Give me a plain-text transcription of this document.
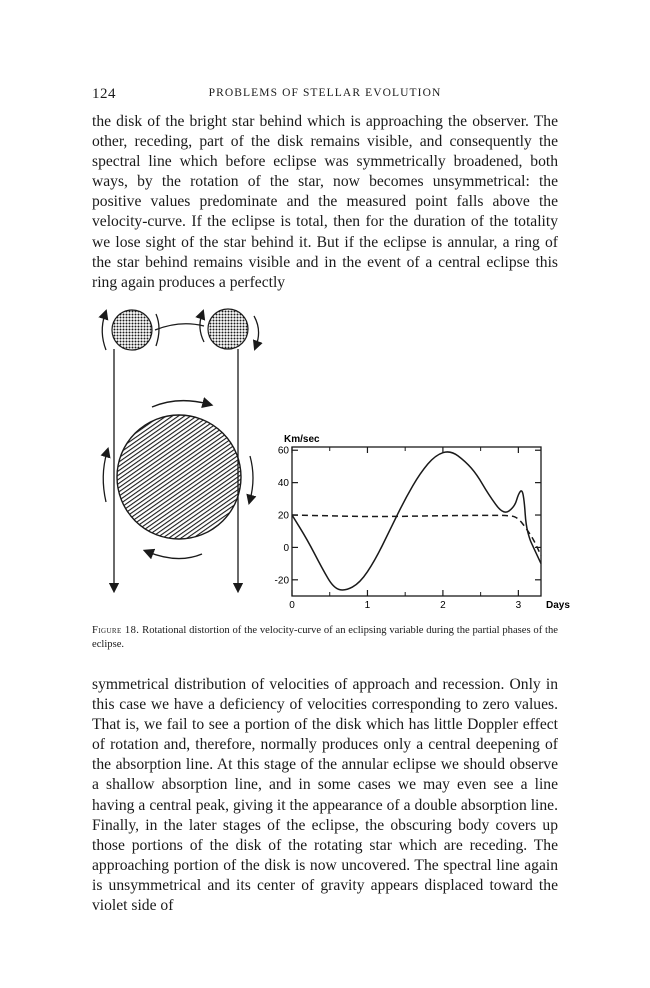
124	PROBLEMS OF STELLAR EVOLUTION

the disk of the bright star behind which is approaching the observer. The other, receding, part of the disk remains visible, and consequently the spectral line which before eclipse was symmetrically broadened, both ways, by the rotation of the star, now becomes unsymmetrical: the positive values predominate and the measured point falls above the velocity-curve. If the eclipse is total, then for the duration of the totality we lose sight of the star behind it. But if the eclipse is annular, a ring of the star behind remains visible and in the event of a central eclipse this ring again produces a perfectly

Km/sec
Days
60
40
20
0
-20
0	1	2	3
Figure 18. Rotational distortion of the velocity-curve of an eclipsing variable during the partial phases of the eclipse.

symmetrical distribution of velocities of approach and recession. Only in this case we have a deficiency of velocities corresponding to zero values. That is, we fail to see a portion of the disk which has little Doppler effect of rotation and, therefore, normally produces only a central deepening of the absorption line. At this stage of the annular eclipse we should observe a shallow absorption line, and in some cases we may even see a line having a central peak, giving it the appearance of a double absorption line. Finally, in the later stages of the eclipse, the obscuring body covers up those portions of the disk of the rotating star which are receding. The approaching portion of the disk is now uncovered. The spectral line again is unsymmetrical and its center of gravity appears displaced toward the violet side of
